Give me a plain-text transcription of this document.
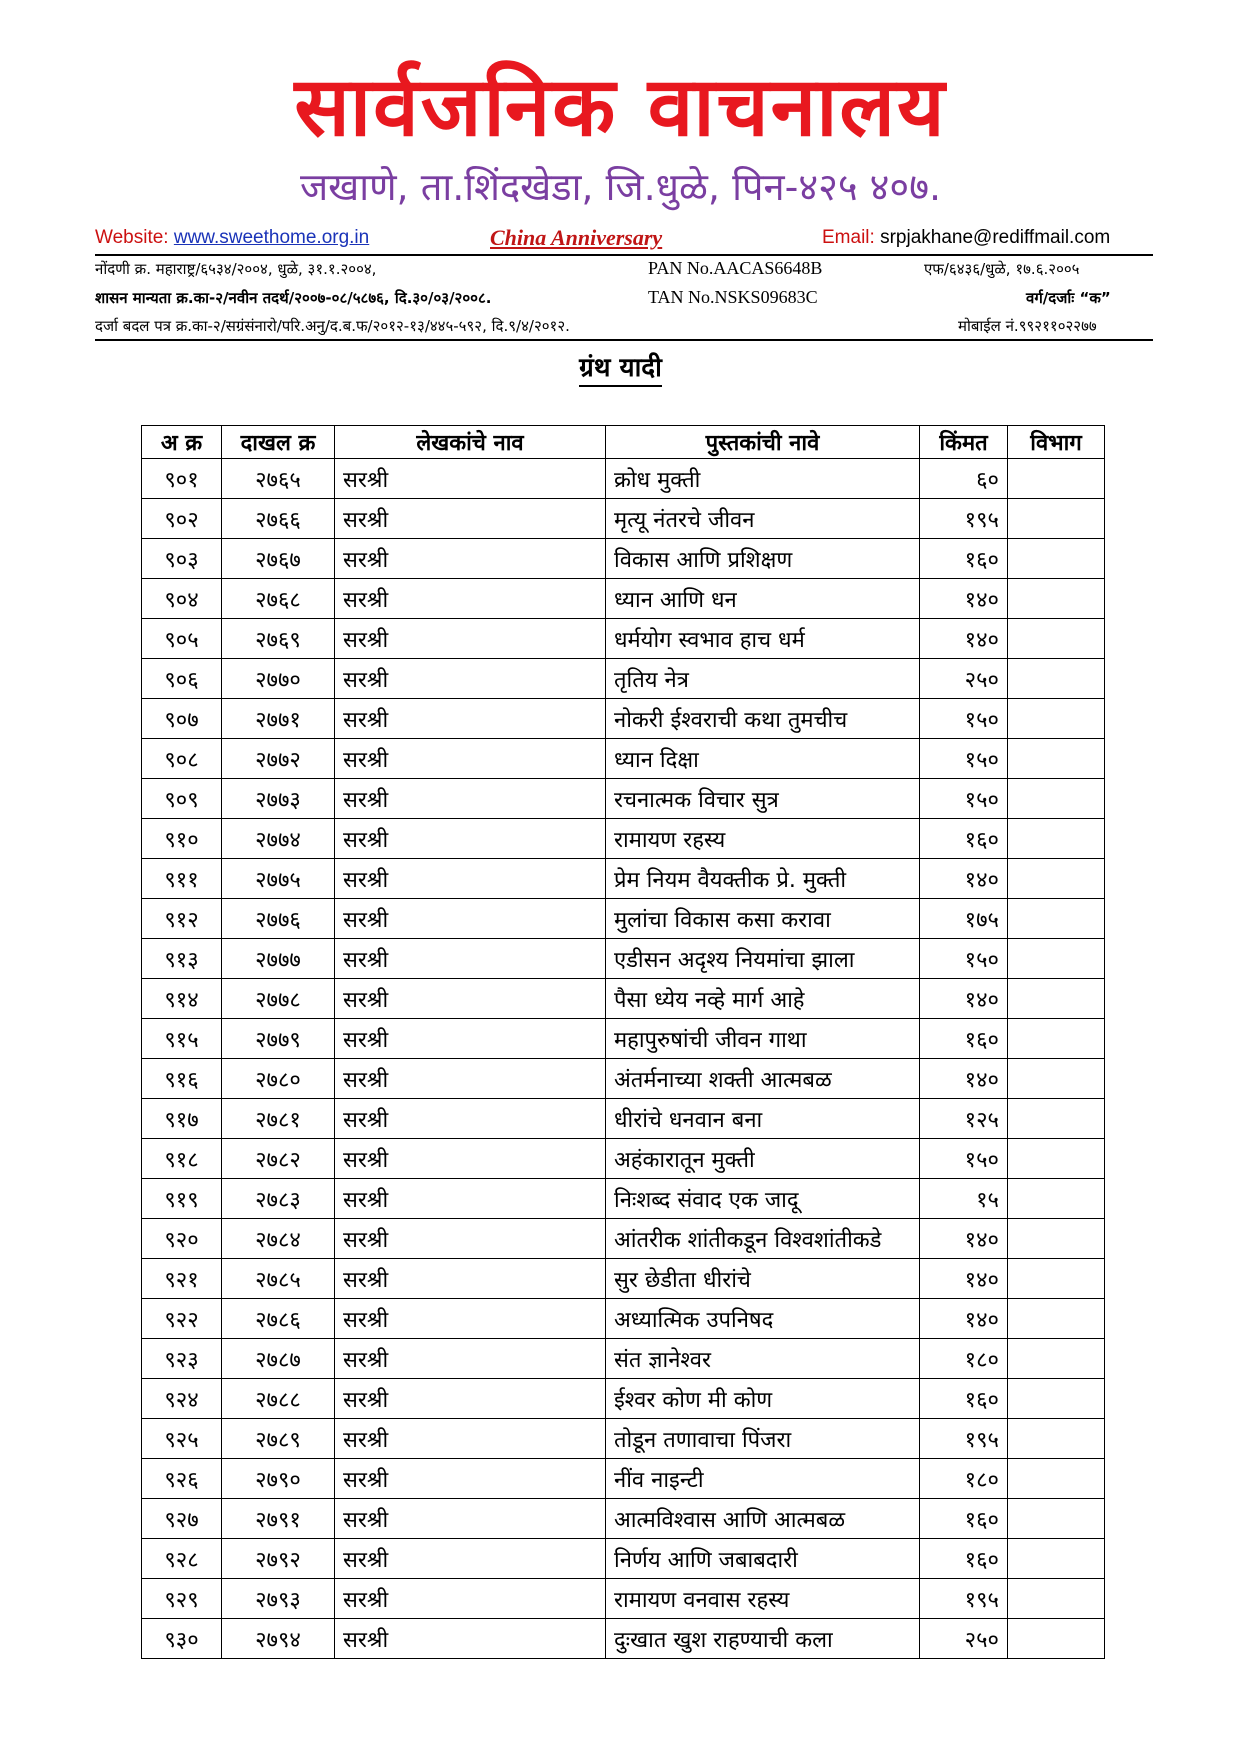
सार्वजनिक वाचनालय
जखाणे, ता.शिंदखेडा, जि.धुळे, पिन-४२५ ४०७.
Website: www.sweethome.org.in	China Anniversary	Email: srpjakhane@rediffmail.com
नोंदणी क्र. महाराष्ट्र/६५३४/२००४, धुळे, ३१.१.२००४,	PAN No.AACAS6648B	एफ/६४३६/धुळे, १७.६.२००५
शासन मान्यता क्र.का-२/नवीन तदर्थ/२००७-०८/५८७६, दि.३०/०३/२००८.	TAN No.NSKS09683C	वर्ग/दर्जाः “क”
दर्जा बदल पत्र क्र.का-२/सग्रंसंनारो/परि.अनु/द.ब.फ/२०१२-१३/४४५-५९२, दि.९/४/२०१२.	मोबाईल नं.९९२११०२२७७
ग्रंथ यादी
अ क्र	दाखल क्र	लेखकांचे नाव	पुस्तकांची नावे	किंमत	विभाग
९०१	२७६५	सरश्री	क्रोध मुक्ती	६०	
९०२	२७६६	सरश्री	मृत्यू नंतरचे जीवन	१९५	
९०३	२७६७	सरश्री	विकास आणि प्रशिक्षण	१६०	
९०४	२७६८	सरश्री	ध्यान आणि धन	१४०	
९०५	२७६९	सरश्री	धर्मयोग स्वभाव हाच धर्म	१४०	
९०६	२७७०	सरश्री	तृतिय नेत्र	२५०	
९०७	२७७१	सरश्री	नोकरी ईश्वराची कथा तुमचीच	१५०	
९०८	२७७२	सरश्री	ध्यान दिक्षा	१५०	
९०९	२७७३	सरश्री	रचनात्मक विचार सुत्र	१५०	
९१०	२७७४	सरश्री	रामायण रहस्य	१६०	
९११	२७७५	सरश्री	प्रेम नियम वैयक्तीक प्रे. मुक्ती	१४०	
९१२	२७७६	सरश्री	मुलांचा विकास कसा करावा	१७५	
९१३	२७७७	सरश्री	एडीसन अदृश्य नियमांचा झाला	१५०	
९१४	२७७८	सरश्री	पैसा ध्येय नव्हे मार्ग आहे	१४०	
९१५	२७७९	सरश्री	महापुरुषांची जीवन गाथा	१६०	
९१६	२७८०	सरश्री	अंतर्मनाच्या शक्ती आत्मबळ	१४०	
९१७	२७८१	सरश्री	धीरांचे धनवान बना	१२५	
९१८	२७८२	सरश्री	अहंकारातून मुक्ती	१५०	
९१९	२७८३	सरश्री	निःशब्द संवाद एक जादू	१५	
९२०	२७८४	सरश्री	आंतरीक शांतीकडून विश्वशांतीकडे	१४०	
९२१	२७८५	सरश्री	सुर छेडीता धीरांचे	१४०	
९२२	२७८६	सरश्री	अध्यात्मिक उपनिषद	१४०	
९२३	२७८७	सरश्री	संत ज्ञानेश्वर	१८०	
९२४	२७८८	सरश्री	ईश्वर कोण मी कोण	१६०	
९२५	२७८९	सरश्री	तोडून तणावाचा पिंजरा	१९५	
९२६	२७९०	सरश्री	नींव नाइन्टी	१८०	
९२७	२७९१	सरश्री	आत्मविश्वास आणि आत्मबळ	१६०	
९२८	२७९२	सरश्री	निर्णय आणि जबाबदारी	१६०	
९२९	२७९३	सरश्री	रामायण वनवास रहस्य	१९५	
९३०	२७९४	सरश्री	दुःखात खुश राहण्याची कला	२५०	
